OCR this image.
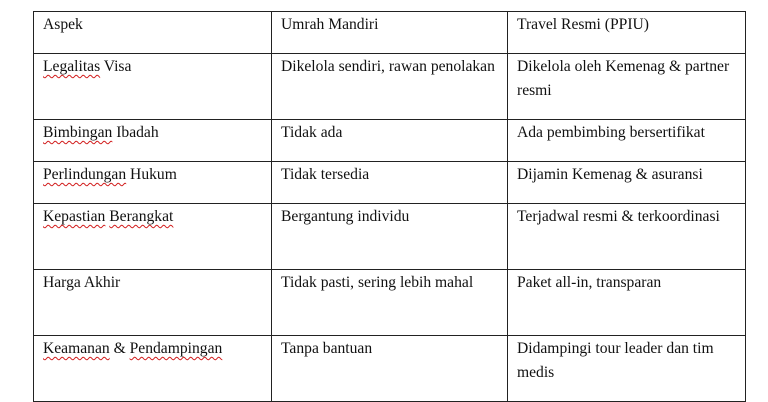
Aspek	Umrah Mandiri	Travel Resmi (PPIU)
Legalitas Visa	Dikelola sendiri, rawan penolakan	Dikelola oleh Kemenag & partner resmi
Bimbingan Ibadah	Tidak ada	Ada pembimbing bersertifikat
Perlindungan Hukum	Tidak tersedia	Dijamin Kemenag & asuransi
Kepastian Berangkat	Bergantung individu	Terjadwal resmi & terkoordinasi
Harga Akhir	Tidak pasti, sering lebih mahal	Paket all-in, transparan
Keamanan & Pendampingan	Tanpa bantuan	Didampingi tour leader dan tim medis
